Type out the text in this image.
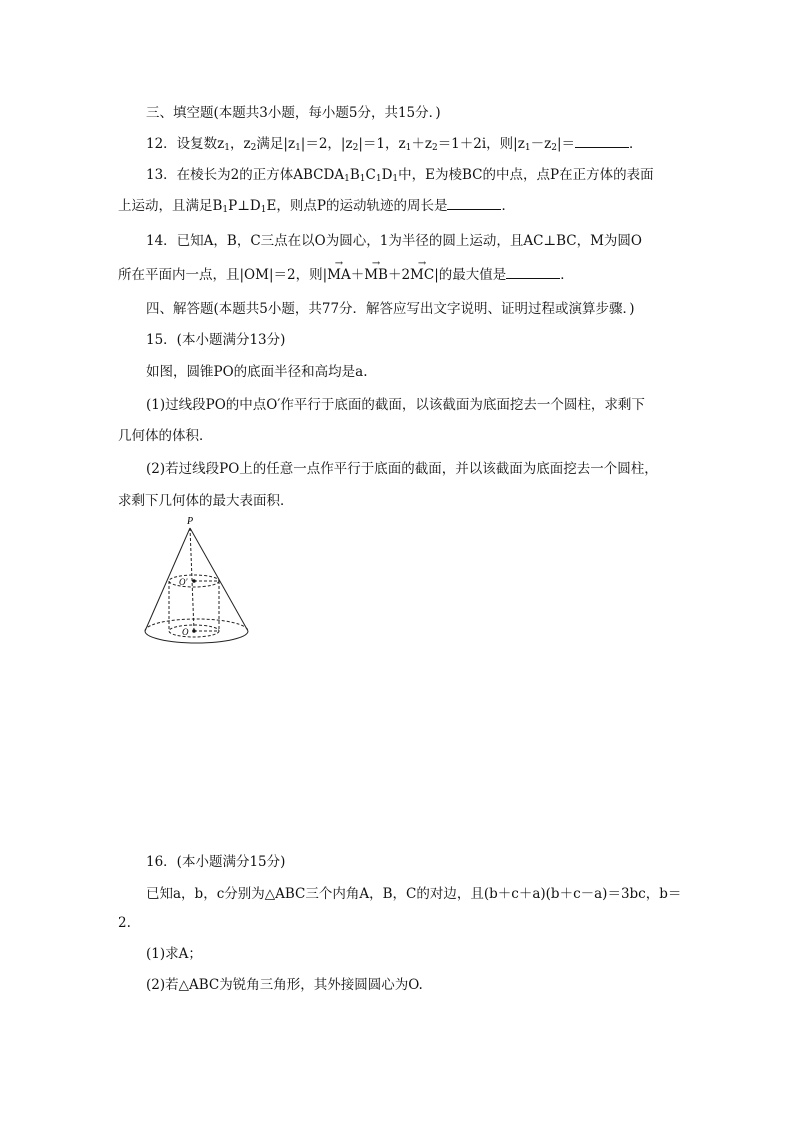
三、填空题(本题共3小题，每小题5分，共15分．)
12．设复数$z_1$，$z_2$满足$|z_1|=2$，$|z_2|=1$，$z_1+z_2=1+2i$，则$|z_1-z_2|=$	．
13．在棱长为2的正方体$ABCDA_1B_1C_1D_1$中，E为棱BC的中点，点P在正方体的表面
上运动，且满足$B_1P\perp D_1E$，则点P的运动轨迹的周长是	．
14．已知A，B，C三点在以O为圆心，1为半径的圆上运动，且AC⊥BC，M为圆O
所在平面内一点，且|OM|＝2，则|→ MA＋→ MB＋2→ MC|的最大值是	．
四、解答题(本题共5小题，共77分．解答应写出文字说明、证明过程或演算步骤．)
15．(本小题满分13分)
如图，圆锥PO的底面半径和高均是a.
(1)过线段PO的中点O′作平行于底面的截面，以该截面为底面挖去一个圆柱，求剩下
几何体的体积．
(2)若过线段PO上的任意一点作平行于底面的截面，并以该截面为底面挖去一个圆柱，
求剩下几何体的最大表面积．
P
O′
O
16．(本小题满分15分)
已知a，b，c分别为△ABC三个内角A，B，C的对边，且(b＋c＋a)(b＋c－a)＝3bc，b＝
2.
(1)求A；
(2)若△ABC为锐角三角形，其外接圆圆心为O.
